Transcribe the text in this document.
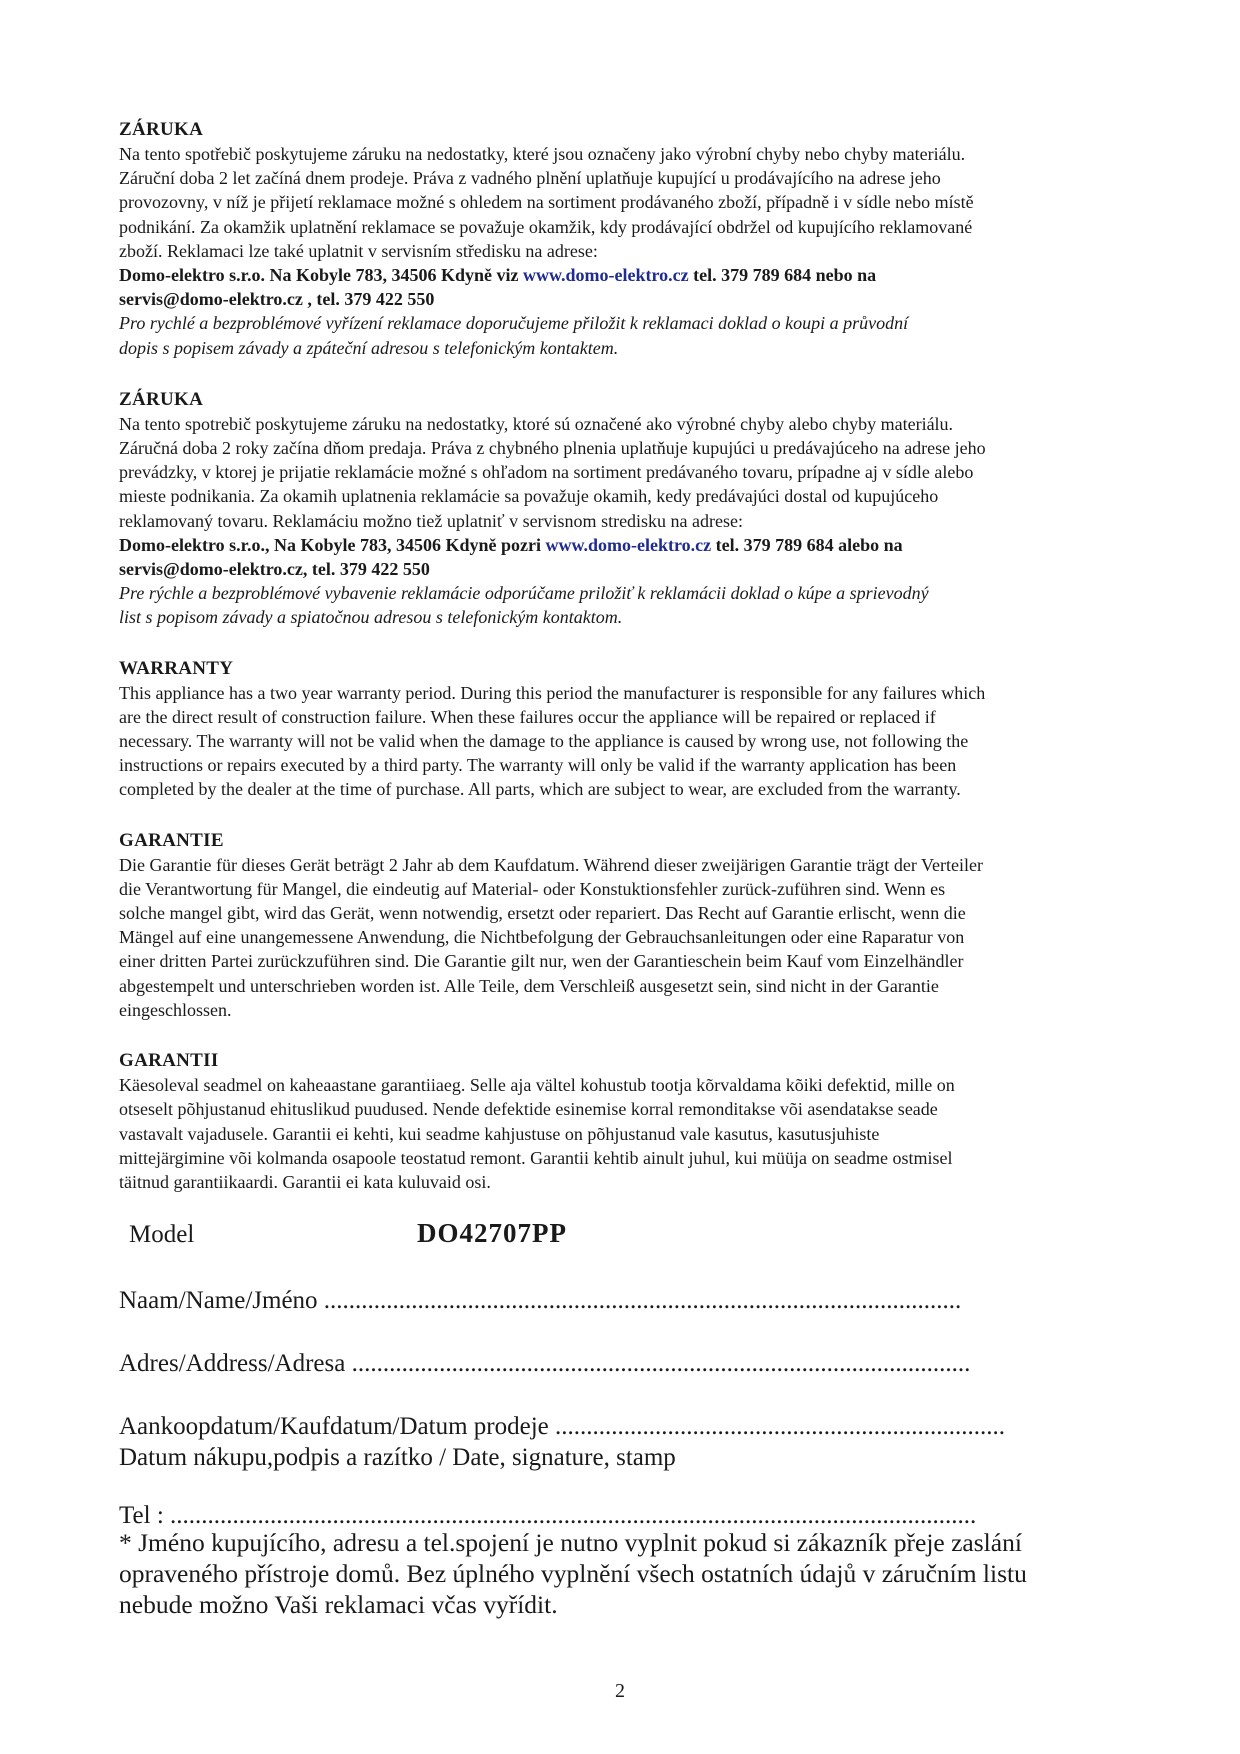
ZÁRUKA
Na tento spotřebič poskytujeme záruku na nedostatky, které jsou označeny jako výrobní chyby nebo chyby materiálu.
Záruční doba 2 let začíná dnem prodeje. Práva z vadného plnění uplatňuje kupující u prodávajícího na adrese jeho
provozovny, v níž je přijetí reklamace možné s ohledem na sortiment prodávaného zboží, případně i v sídle nebo místě
podnikání. Za okamžik uplatnění reklamace se považuje okamžik, kdy prodávající obdržel od kupujícího reklamované
zboží. Reklamaci lze také uplatnit v servisním středisku na adrese:
Domo-elektro s.r.o. Na Kobyle 783, 34506 Kdyně viz www.domo-elektro.cz tel. 379 789 684 nebo na
servis@domo-elektro.cz , tel. 379 422 550
Pro rychlé a bezproblémové vyřízení reklamace doporučujeme přiložit k reklamaci doklad o koupi a průvodní
dopis s popisem závady a zpáteční adresou s telefonickým kontaktem.
ZÁRUKA
Na tento spotrebič poskytujeme záruku na nedostatky, ktoré sú označené ako výrobné chyby alebo chyby materiálu.
Záručná doba 2 roky začína dňom predaja. Práva z chybného plnenia uplatňuje kupujúci u predávajúceho na adrese jeho
prevádzky, v ktorej je prijatie reklamácie možné s ohľadom na sortiment predávaného tovaru, prípadne aj v sídle alebo
mieste podnikania. Za okamih uplatnenia reklamácie sa považuje okamih, kedy predávajúci dostal od kupujúceho
reklamovaný tovaru. Reklamáciu možno tiež uplatniť v servisnom stredisku na adrese:
Domo-elektro s.r.o., Na Kobyle 783, 34506 Kdyně pozri www.domo-elektro.cz tel. 379 789 684 alebo na
servis@domo-elektro.cz, tel. 379 422 550
Pre rýchle a bezproblémové vybavenie reklamácie odporúčame priložiť k reklamácii doklad o kúpe a sprievodný
list s popisom závady a spiatočnou adresou s telefonickým kontaktom.
WARRANTY
This appliance has a two year warranty period. During this period the manufacturer is responsible for any failures which
are the direct result of construction failure. When these failures occur the appliance will be repaired or replaced if
necessary. The warranty will not be valid when the damage to the appliance is caused by wrong use, not following the
instructions or repairs executed by a third party. The warranty will only be valid if the warranty application has been
completed by the dealer at the time of purchase. All parts, which are subject to wear, are excluded from the warranty.
GARANTIE
Die Garantie für dieses Gerät beträgt 2 Jahr ab dem Kaufdatum. Während dieser zweijärigen Garantie trägt der Verteiler
die Verantwortung für Mangel, die eindeutig auf Material- oder Konstuktionsfehler zurück-zuführen sind. Wenn es
solche mangel gibt, wird das Gerät, wenn notwendig, ersetzt oder repariert. Das Recht auf Garantie erlischt, wenn die
Mängel auf eine unangemessene Anwendung, die Nichtbefolgung der Gebrauchsanleitungen oder eine Raparatur von
einer dritten Partei zurückzuführen sind. Die Garantie gilt nur, wen der Garantieschein beim Kauf vom Einzelhändler
abgestempelt und unterschrieben worden ist. Alle Teile, dem Verschleiß ausgesetzt sein, sind nicht in der Garantie
eingeschlossen.
GARANTII
Käesoleval seadmel on kaheaastane garantiiaeg. Selle aja vältel kohustub tootja kõrvaldama kõiki defektid, mille on
otseselt põhjustanud ehituslikud puudused. Nende defektide esinemise korral remonditakse või asendatakse seade
vastavalt vajadusele. Garantii ei kehti, kui seadme kahjustuse on põhjustanud vale kasutus, kasutusjuhiste
mittejärgimine või kolmanda osapoole teostatud remont. Garantii kehtib ainult juhul, kui müüja on seadme ostmisel
täitnud garantiikaardi. Garantii ei kata kuluvaid osi.
Model	DO42707PP
Naam/Name/Jméno ......................................................................................................
Adres/Address/Adresa ...................................................................................................
Aankoopdatum/Kaufdatum/Datum prodeje ........................................................................
Datum nákupu,podpis a razítko / Date, signature, stamp
Tel : .................................................................................................................................
* Jméno kupujícího, adresu a tel.spojení je nutno vyplnit pokud si zákazník přeje zaslání
opraveného přístroje domů. Bez úplného vyplnění všech ostatních údajů v záručním listu
nebude možno Vaši reklamaci včas vyřídit.
2
